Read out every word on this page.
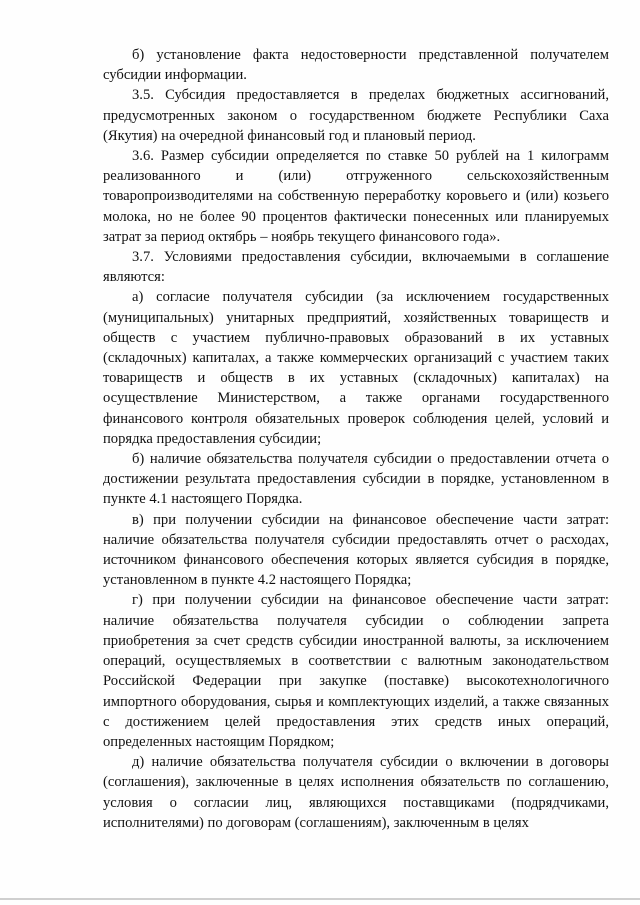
б) установление факта недостоверности представленной получателем субсидии информации.

3.5. Субсидия предоставляется в пределах бюджетных ассигнований, предусмотренных законом о государственном бюджете Республики Саха (Якутия) на очередной финансовый год и плановый период.

3.6. Размер субсидии определяется по ставке 50 рублей на 1 килограмм реализованного и (или) отгруженного сельскохозяйственным товаропроизводителями на собственную переработку коровьего и (или) козьего молока, но не более 90 процентов фактически понесенных или планируемых затрат за период октябрь – ноябрь текущего финансового года».

3.7. Условиями предоставления субсидии, включаемыми в соглашение являются:

а) согласие получателя субсидии (за исключением государственных (муниципальных) унитарных предприятий, хозяйственных товариществ и обществ с участием публично-правовых образований в их уставных (складочных) капиталах, а также коммерческих организаций с участием таких товариществ и обществ в их уставных (складочных) капиталах) на осуществление Министерством, а также органами государственного финансового контроля обязательных проверок соблюдения целей, условий и порядка предоставления субсидии;

б) наличие обязательства получателя субсидии о предоставлении отчета о достижении результата предоставления субсидии в порядке, установленном в пункте 4.1 настоящего Порядка.

в) при получении субсидии на финансовое обеспечение части затрат: наличие обязательства получателя субсидии предоставлять отчет о расходах, источником финансового обеспечения которых является субсидия в порядке, установленном в пункте 4.2 настоящего Порядка;

г) при получении субсидии на финансовое обеспечение части затрат: наличие обязательства получателя субсидии о соблюдении запрета приобретения за счет средств субсидии иностранной валюты, за исключением операций, осуществляемых в соответствии с валютным законодательством Российской Федерации при закупке (поставке) высокотехнологичного импортного оборудования, сырья и комплектующих изделий, а также связанных с достижением целей предоставления этих средств иных операций, определенных настоящим Порядком;

д) наличие обязательства получателя субсидии о включении в договоры (соглашения), заключенные в целях исполнения обязательств по соглашению, условия о согласии лиц, являющихся поставщиками (подрядчиками, исполнителями) по договорам (соглашениям), заключенным в целях
